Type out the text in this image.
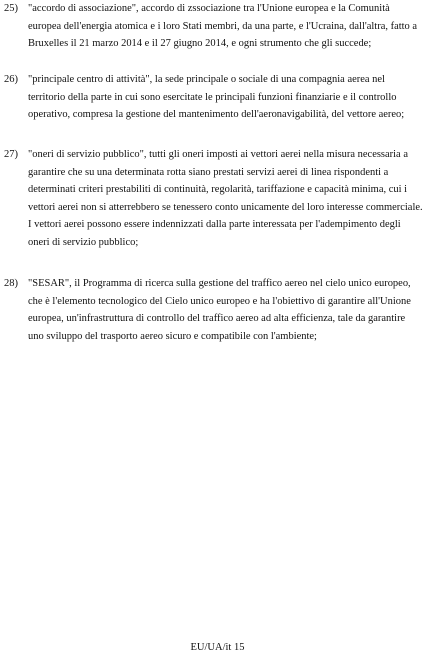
25) "accordo di associazione", accordo di zssociazione tra l'Unione europea e la Comunità
europea dell'energia atomica e i loro Stati membri, da una parte, e l'Ucraina, dall'altra, fatto a
Bruxelles il 21 marzo 2014 e il 27 giugno 2014, e ogni strumento che gli succede;

26) "principale centro di attività", la sede principale o sociale di una compagnia aerea nel
territorio della parte in cui sono esercitate le principali funzioni finanziarie e il controllo
operativo, compresa la gestione del mantenimento dell'aeronavigabilità, del vettore aereo;

27) "oneri di servizio pubblico", tutti gli oneri imposti ai vettori aerei nella misura necessaria a
garantire che su una determinata rotta siano prestati servizi aerei di linea rispondenti a
determinati criteri prestabiliti di continuità, regolarità, tariffazione e capacità minima, cui i
vettori aerei non si atterrebbero se tenessero conto unicamente del loro interesse commerciale.
I vettori aerei possono essere indennizzati dalla parte interessata per l'adempimento degli
oneri di servizio pubblico;

28) "SESAR", il Programma di ricerca sulla gestione del traffico aereo nel cielo unico europeo,
che è l'elemento tecnologico del Cielo unico europeo e ha l'obiettivo di garantire all'Unione
europea, un'infrastruttura di controllo del traffico aereo ad alta efficienza, tale da garantire
uno sviluppo del trasporto aereo sicuro e compatibile con l'ambiente;

EU/UA/it 15
